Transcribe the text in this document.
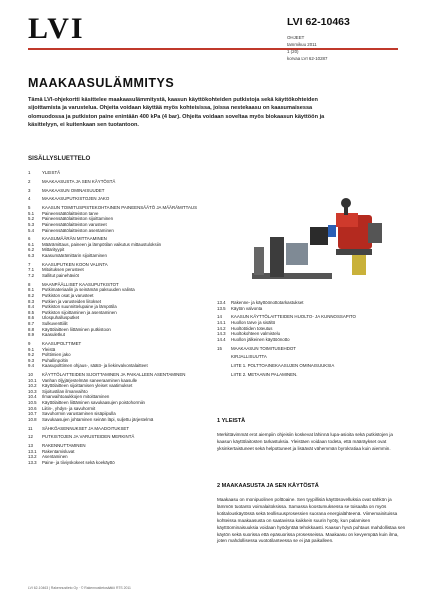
LVI	LVI 62-10463
OHJEET
tammikuu 2011
1 (20)
korvaa LVI 62-10287
MAAKAASULÄMMITYS

Tämä LVI-ohjekortti käsittelee maakaasulämmitystä, kaasun käyttökohteiden putkistoja sekä käyttökohteiden sijoittamista ja varusteluа. Ohjeita voidaan käyttää myös kohteisissa, joissa nestekaasu on kaasumaisessa olomuodossa ja putkiston paine enintään 400 kPa (4 bar). Ohjeita voidaan soveltaa myös biokaasun käyttöön ja käsittelyyn, ei kuitenkaan sen tuotantoon.

SISÄLLYSLUETTELO
1	YLEISTÄ
2	MAAKAASUSTA JA SEN KÄYTÖSTÄ
3	MAAKAASUN OMINAISUUDET
4	MAAKAASUPUTKISTOJEN JAKO
5	KAASUN TOIMITUSPISTEKOHTAINEN PAINEENSÄÄTÖ JA MÄÄRÄMITTAUS
5.1	Paineensäätölaitteiston tarve
5.2	Paineensäätölaitteiston sijoittaminen
5.3	Paineensäätölaitteiston varusteet
5.4	Paineensäätölaitteiston asentaminen
6	KAASUMÄÄRÄN MITTAAMINEN
6.1	Määrämittaus, paineen ja lämpötilan vaikutus mittaustuloksiin
6.2	Mittarityypit
6.3	Kaasumäärämittarin sijoittaminen
7	KAASUPUTKEN KOON VALINTA
7.1	Mitoituksen perusteet
7.2	Sallitut painehäviöt
8	MAANPÄÄLLISET KAASUPUTKISTOT
8.1	Putkimateriaalin ja seinämän paksuuden valinta
8.2	Putkiston osat ja varusteet
8.3	Putkien ja varusteiden liitokset
8.4	Putkiston suunnittelupaine ja lämpötila
8.5	Putkiston sijoittaminen ja asentaminen
8.6	Ulospuhallusputket
8.7	Sulkuventtiilit
8.8	Käyttölaitteen liittäminen putkistoon
8.9	Kaasuletkut
9	KAASUPOLTTIMET
9.1	Yleistä
9.2	Polttimien jako
9.3	Puhallinpoltin
9.4	Kaasupolttimen ohjaus-, säätö- ja liekinvalvontalaitteet
10	KÄYTTÖLAITTEIDEN SIJOITTAMINEN JA PAIKALLEEN ASENTAMINEN
10.1	Vanhan öljyjärjestelmän saneeraaminen kaasulle
10.2	Käyttölaitteen sijoittamisen yleiset vaatimukset
10.3	Sijoitustilan ilmanvaihto
10.4	Ilmanvaihtoaukkojen mitoittaminen
10.5	Käyttölaitteen liittäminen savukaasujen poistohormiin
10.6	Liitin-, yhdys- ja savuhormit
10.7	Savuhormin varustaminen sisäpiipulla
10.8	Savukaasujen johtaminen seinän läpi, suljettu järjestelmä
11	SÄHKÖASENNUKSET JA MAADOITUKSET
12	PUTKISTOJEN JA VARUSTEIDEN MERKINTÄ
13	RAKENNUTTAMINEN
13.1	Rakentamisluvat
13.2	Asentaminen
13.3	Paine- ja tiiviyskokeet sekä koekäyttö
13.4	Rakenne- ja käyttöönottotarkastukset
13.5	Käytön valvonta
14	KAASUN KÄYTTÖLAITTEIDEN HUOLTO- JA KUNNOSSAPITO
14.1	Huollon tarve ja sisältö
14.2	Huoltotöiden toteutus
14.3	Huoltokohteen valmistelu
14.4	Huollon jälkeinen käyttöönotto
15	MAAKAASUN TOIMITUSEHDOT
KIRJALLISUUTTA
LIITE 1. POLTTOAINEKAASUJEN OMINAISUUKSIA
LIITE 2. METAANIN PALAMINEN.
1 YLEISTÄ

Merkittävimmät erot aiempiin ohjeisiin koskevat lähinnä lupa-asioita sekä putkistojen ja kaasun käyttölaitosten tarkastuksia. Yleistäen voidaan todeta, että määräykset ovat yksinkertaistuneet sekä helpottuneet ja lisäävät vähemmän byrokratiaa kuin aiemmin.

2 MAAKAASUSTA JA SEN KÄYTÖSTÄ

Maakaasu on monipuolinen polttoaine. Sen tyypillisiä käyttösovelluksia ovat sähkön ja lämmön tuotanto voimalaitoksissa. Samassa koostumuksessa se toisaalta on myös kotitalouskäytössä sekä teollisuusprosessien suorana energialähteenä. Viimemainituissa kohteissa maakaasusta on saatavissa kaikkein suurin hyöty, kun palamisen käyttöominaisuuksia voidaan hyödyntää tehokkaasti. Kaasun hyvä puhtaus mahdollistaa sen käytön sekä suorissa että epäsuorissa prosesseissa. Maakaasu on kevyempää kuin ilma, joten mahdollisessa vuototilanteessa se ei jää paikalleen.

LVI 62-10463 | Rakennustieto Oy · © Rakennustietosäätiö RTS 2011
